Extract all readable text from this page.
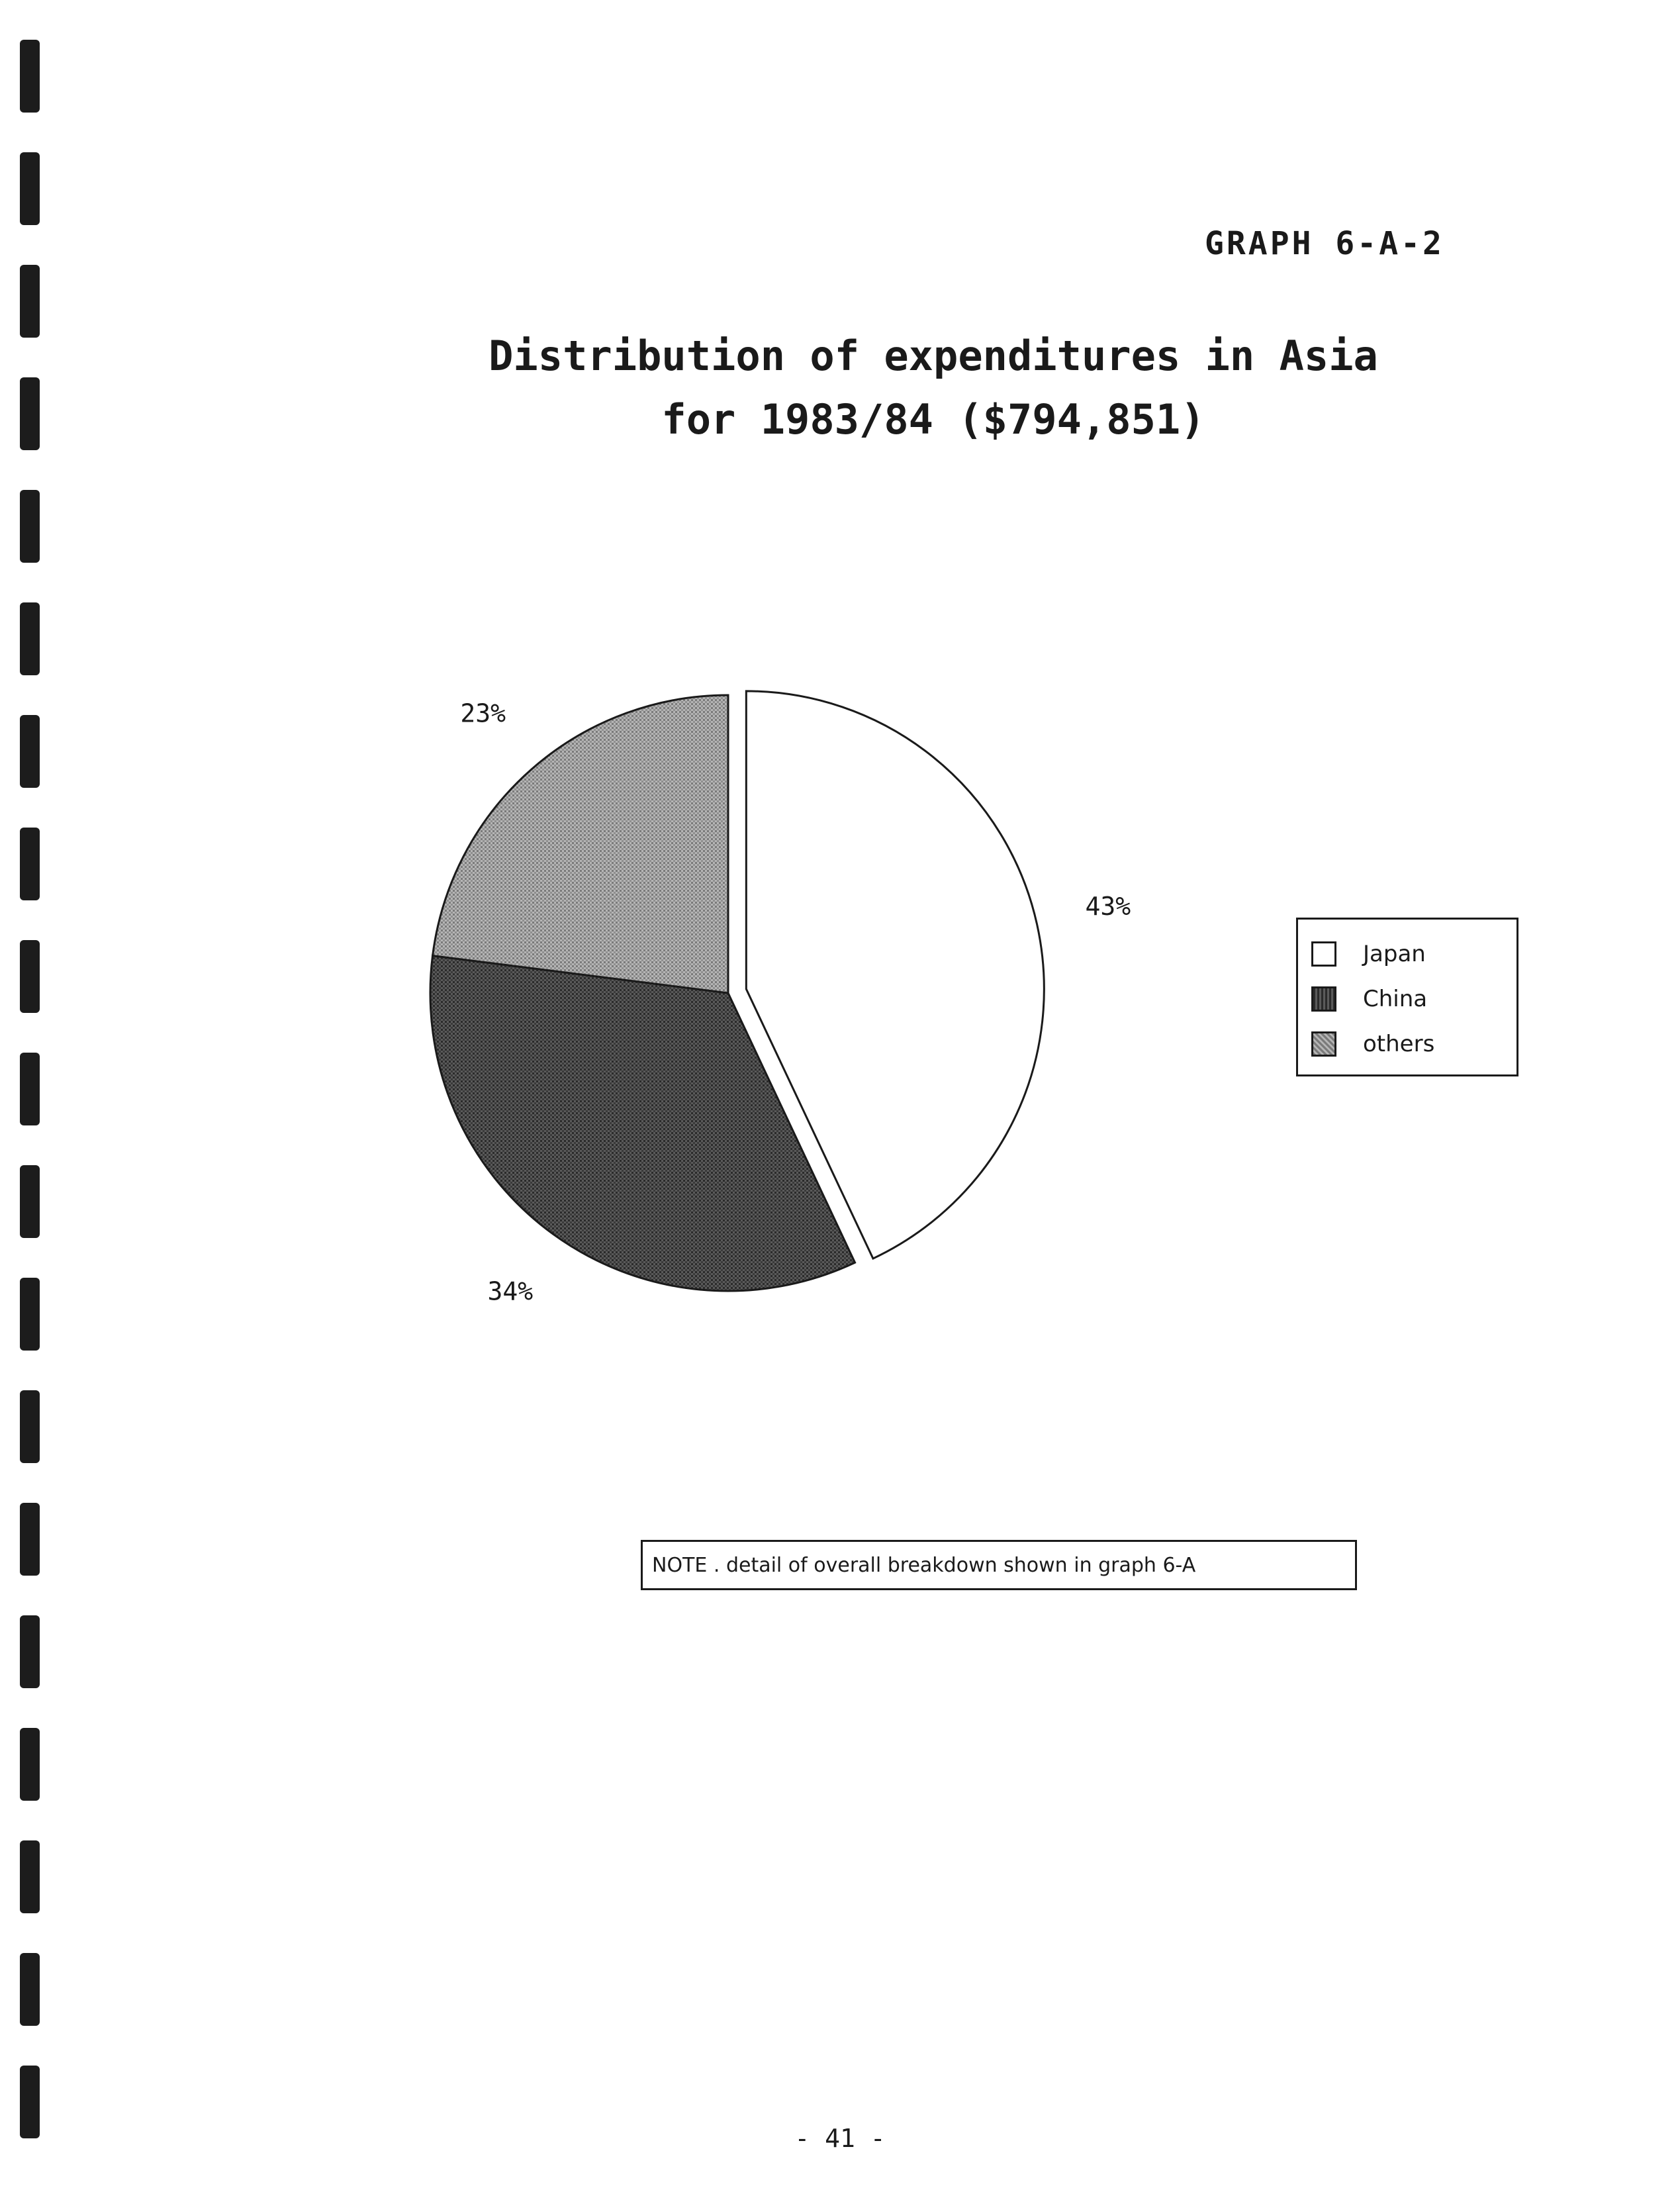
GRAPH 6-A-2
Distribution of expenditures in Asia
for 1983/84 ($794,851)
43%
34%
23%
Japan
China
others
NOTE . detail of overall breakdown shown in graph 6-A
- 41 -
